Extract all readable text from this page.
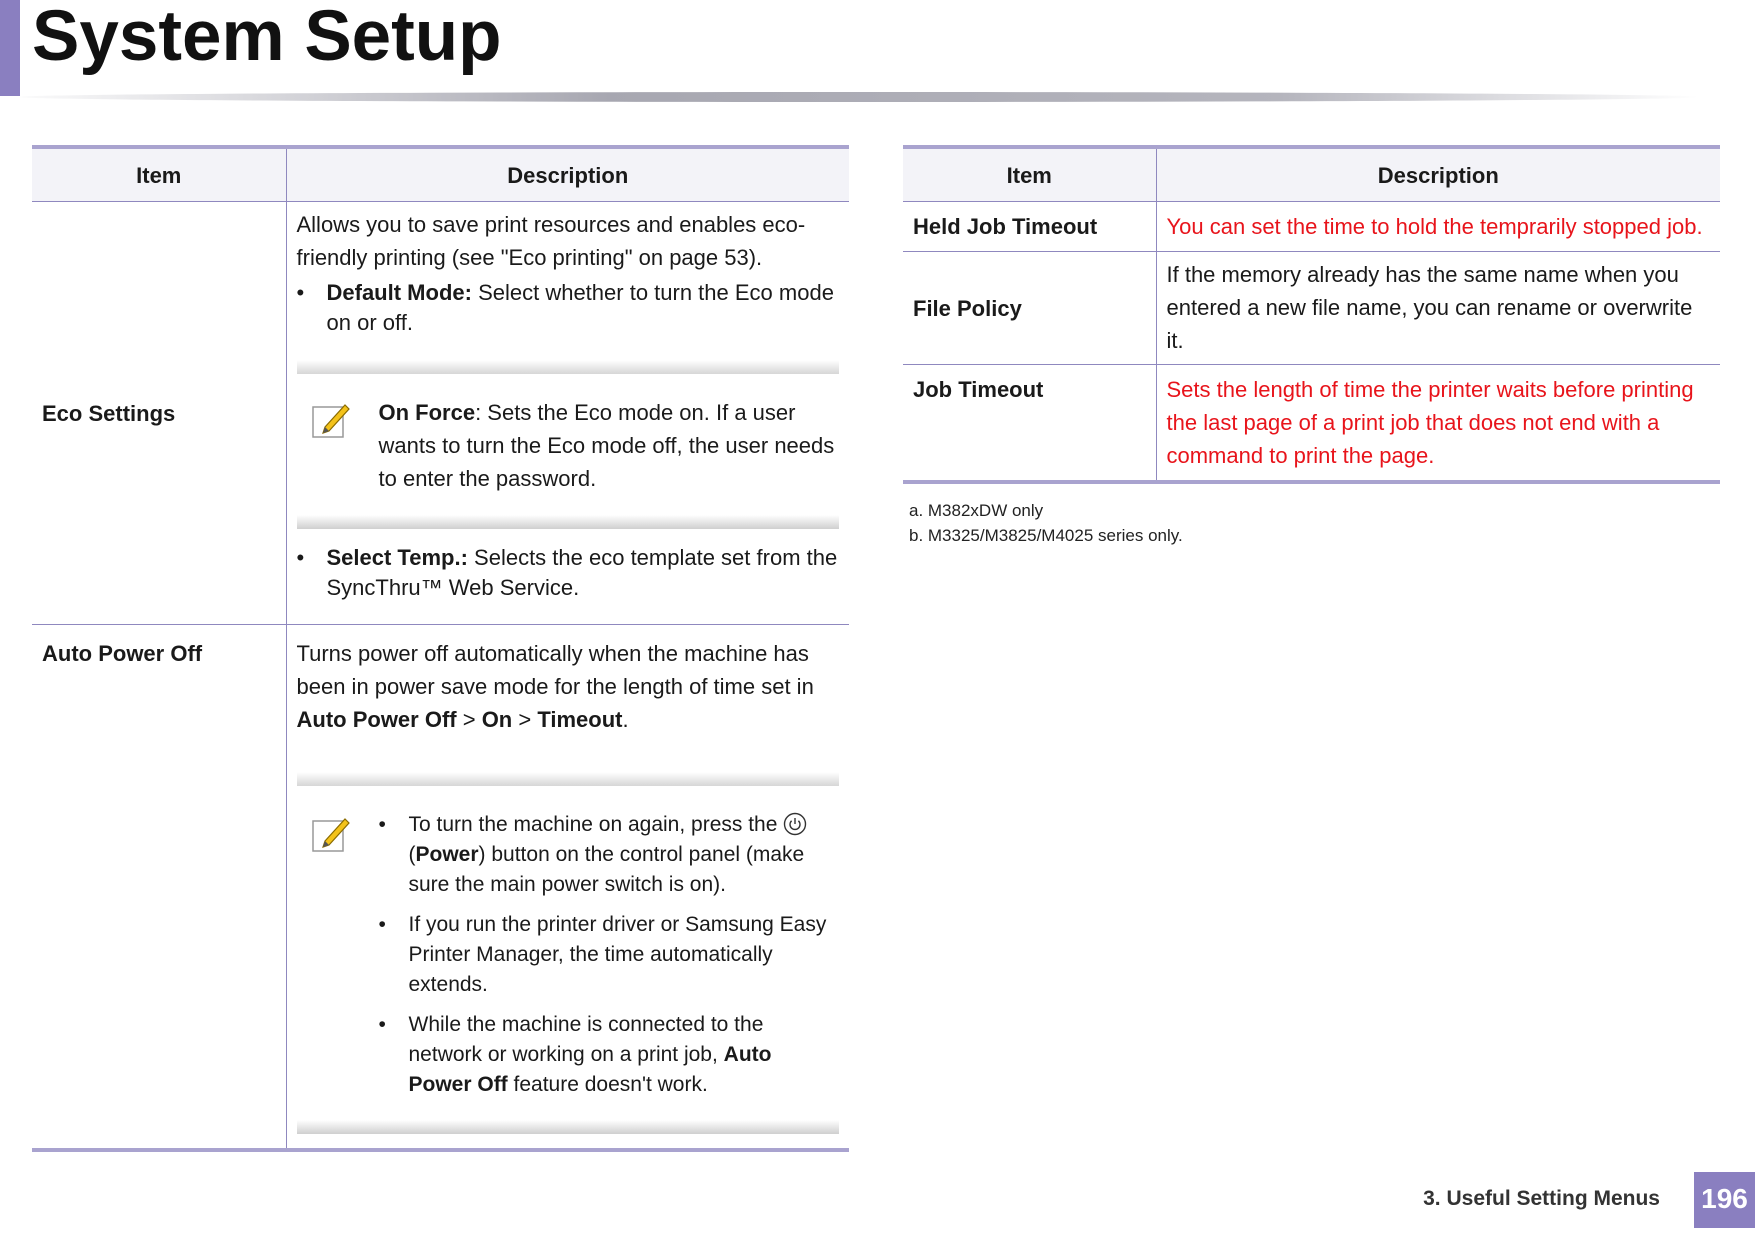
System Setup
Item	Description
Eco Settings	Allows you to save print resources and enables eco-friendly printing (see "Eco printing" on page 53).
• Default Mode: Select whether to turn the Eco mode on or off.
On Force: Sets the Eco mode on. If a user wants to turn the Eco mode off, the user needs to enter the password.
• Select Temp.: Selects the eco template set from the SyncThru™ Web Service.

Auto Power Off	Turns power off automatically when the machine has been in power save mode for the length of time set in Auto Power Off > On > Timeout.
• To turn the machine on again, press the
(Power) button on the control panel (make sure the main power switch is on).
• If you run the printer driver or Samsung Easy Printer Manager, the time automatically extends.
• While the machine is connected to the network or working on a print job, Auto Power Off feature doesn't work.
Item	Description
Held Job Timeout	You can set the time to hold the temprarily stopped job.
File Policy	If the memory already has the same name when you entered a new file name, you can rename or overwrite it.
Job Timeout	Sets the length of time the printer waits before printing the last page of a print job that does not end with a command to print the page.
a. M382xDW only
b. M3325/M3825/M4025 series only.
3. Useful Setting Menus 196
